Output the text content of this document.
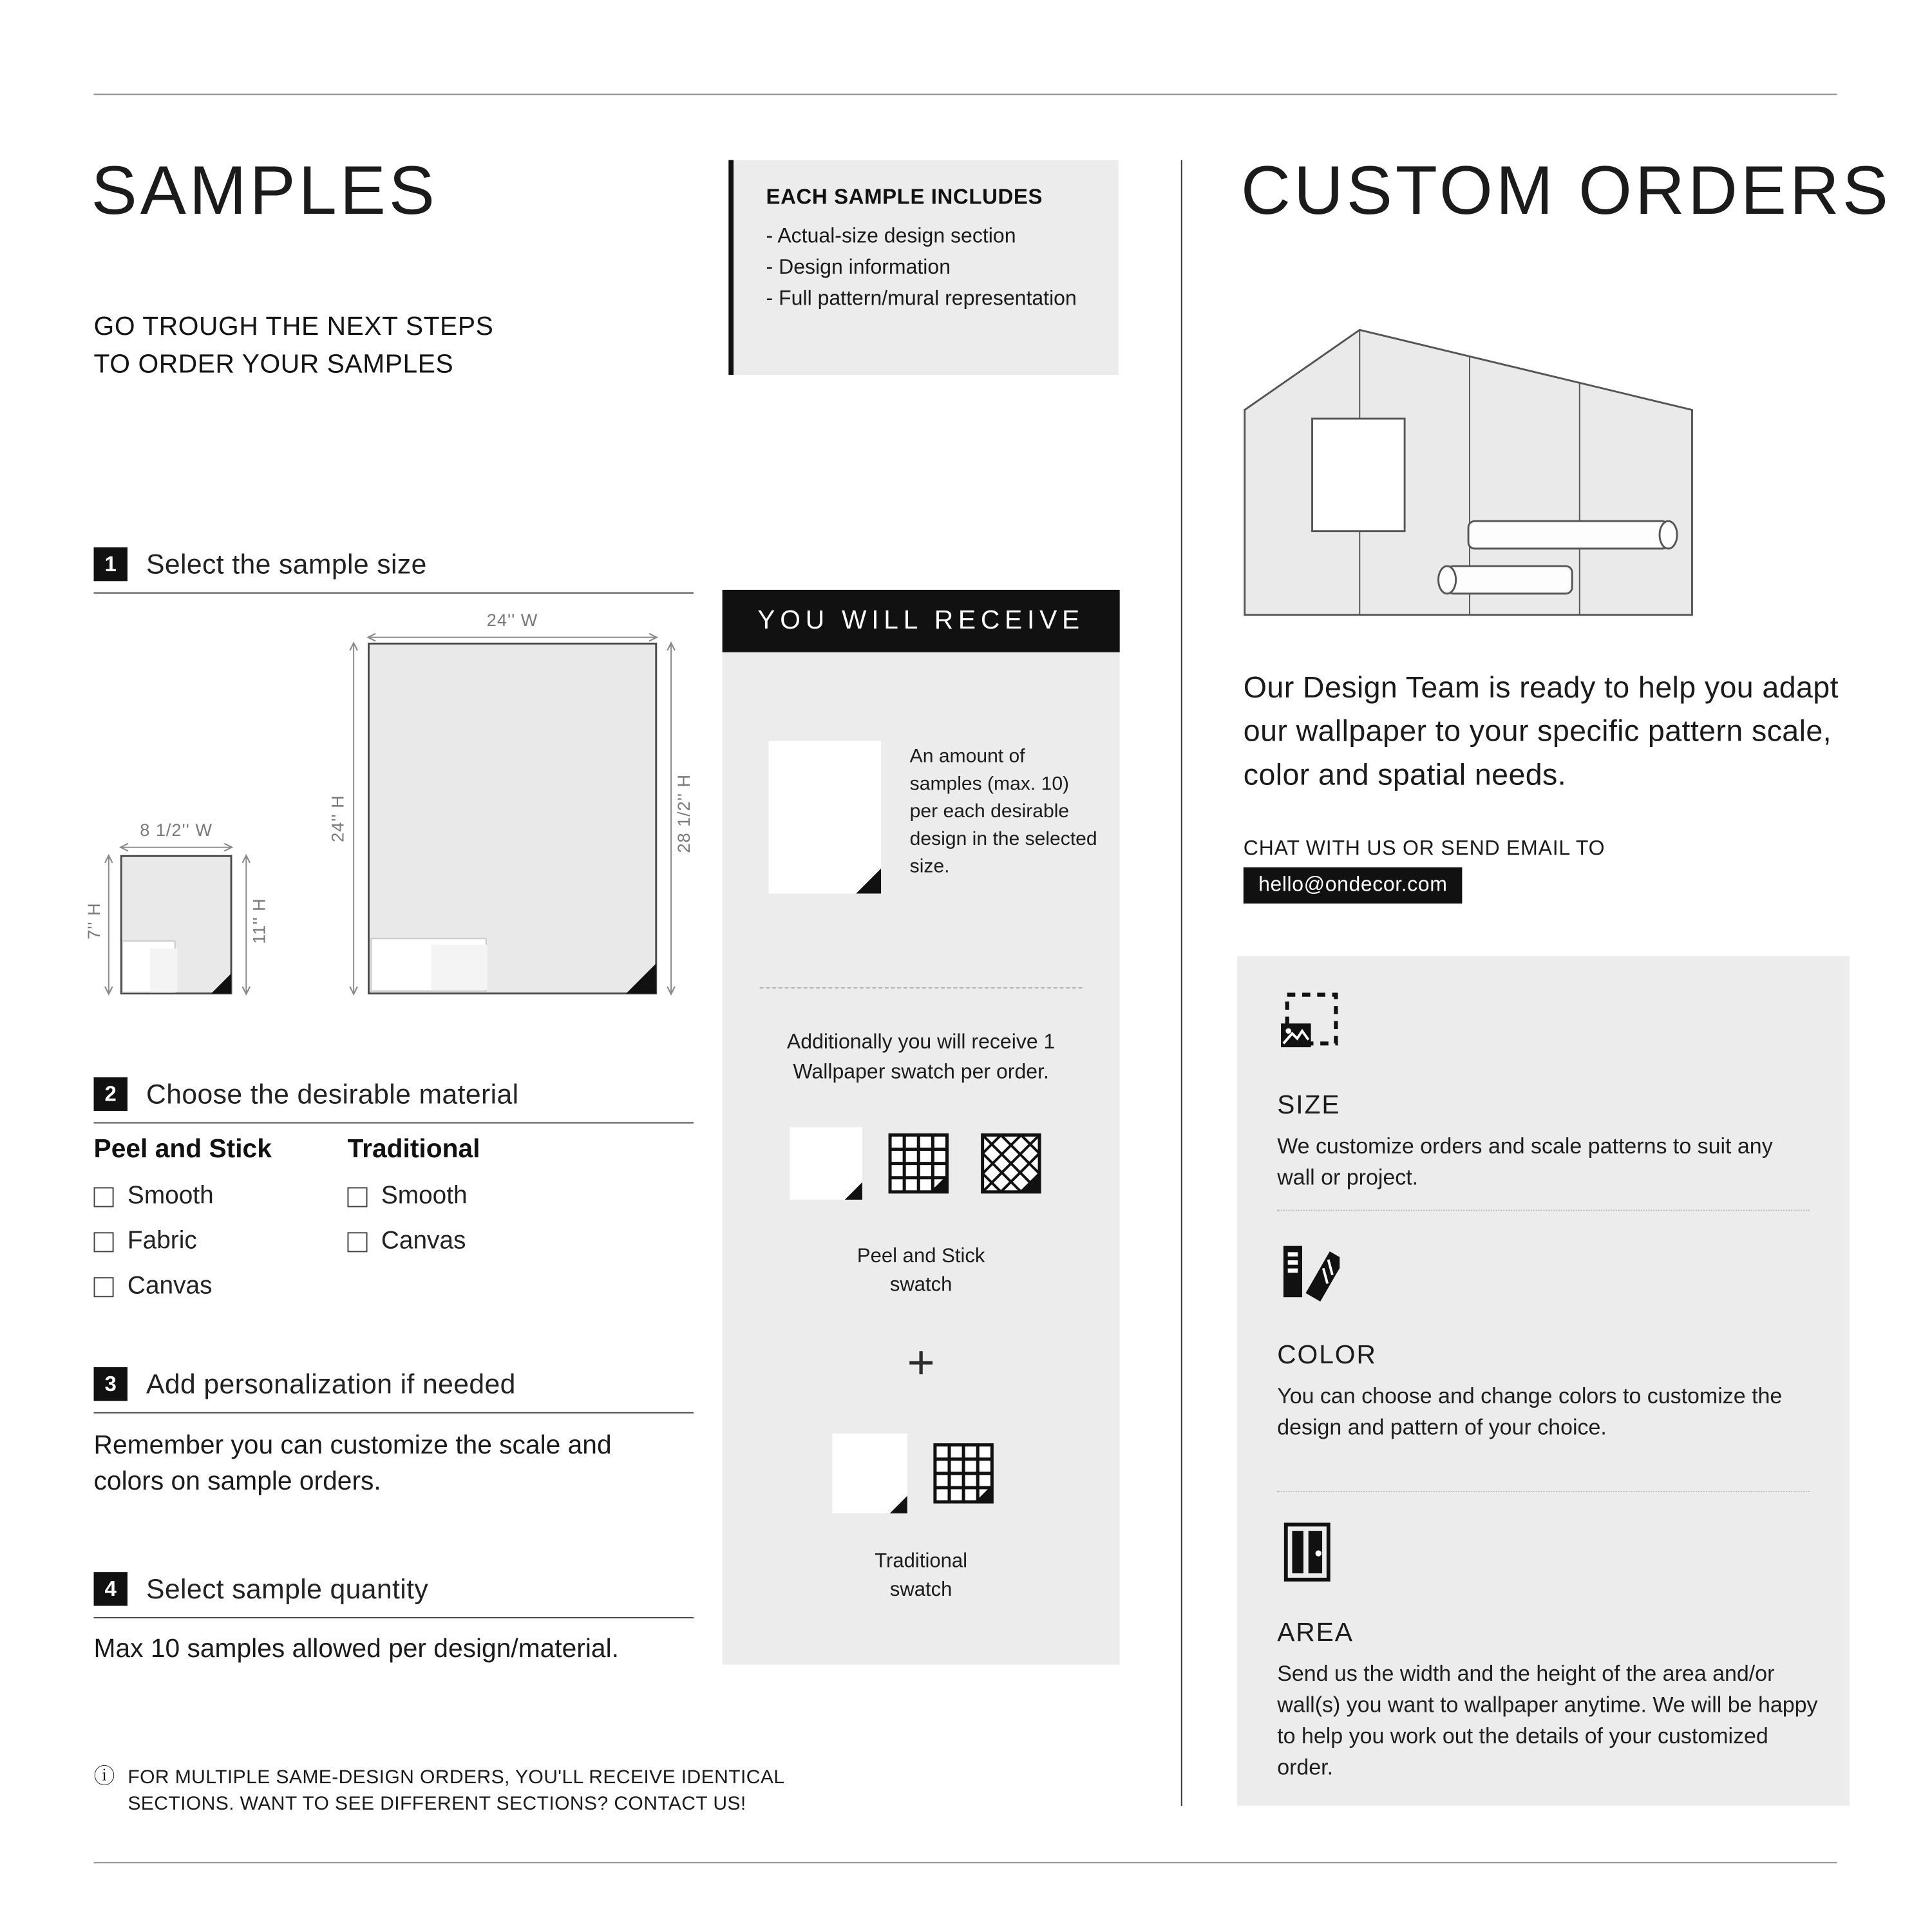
SAMPLES
GO TROUGH THE NEXT STEPS
TO ORDER YOUR SAMPLES
1	Select the sample size
24'' W
24'' H	28 1/2'' H
8 1/2'' W
7'' H	11'' H
2	Choose the desirable material
Peel and Stick
Smooth
Fabric
Canvas
Traditional
Smooth
Canvas
3	Add personalization if needed
Remember you can customize the scale and colors on sample orders.
4	Select sample quantity
Max 10 samples allowed per design/material.
ⓘ FOR MULTIPLE SAME-DESIGN ORDERS, YOU'LL RECEIVE IDENTICAL SECTIONS. WANT TO SEE DIFFERENT SECTIONS? CONTACT US!
EACH SAMPLE INCLUDES
- Actual-size design section
- Design information
- Full pattern/mural representation
YOU WILL RECEIVE
An amount of samples (max. 10) per each desirable design in the selected size.
Additionally you will receive 1 Wallpaper swatch per order.
Peel and Stick swatch
+
Traditional swatch
CUSTOM ORDERS
Our Design Team is ready to help you adapt our wallpaper to your specific pattern scale, color and spatial needs.
CHAT WITH US OR SEND EMAIL TO
hello@ondecor.com
SIZE
We customize orders and scale patterns to suit any wall or project.
COLOR
You can choose and change colors to customize the design and pattern of your choice.
AREA
Send us the width and the height of the area and/or wall(s) you want to wallpaper anytime. We will be happy to help you work out the details of your customized order.
